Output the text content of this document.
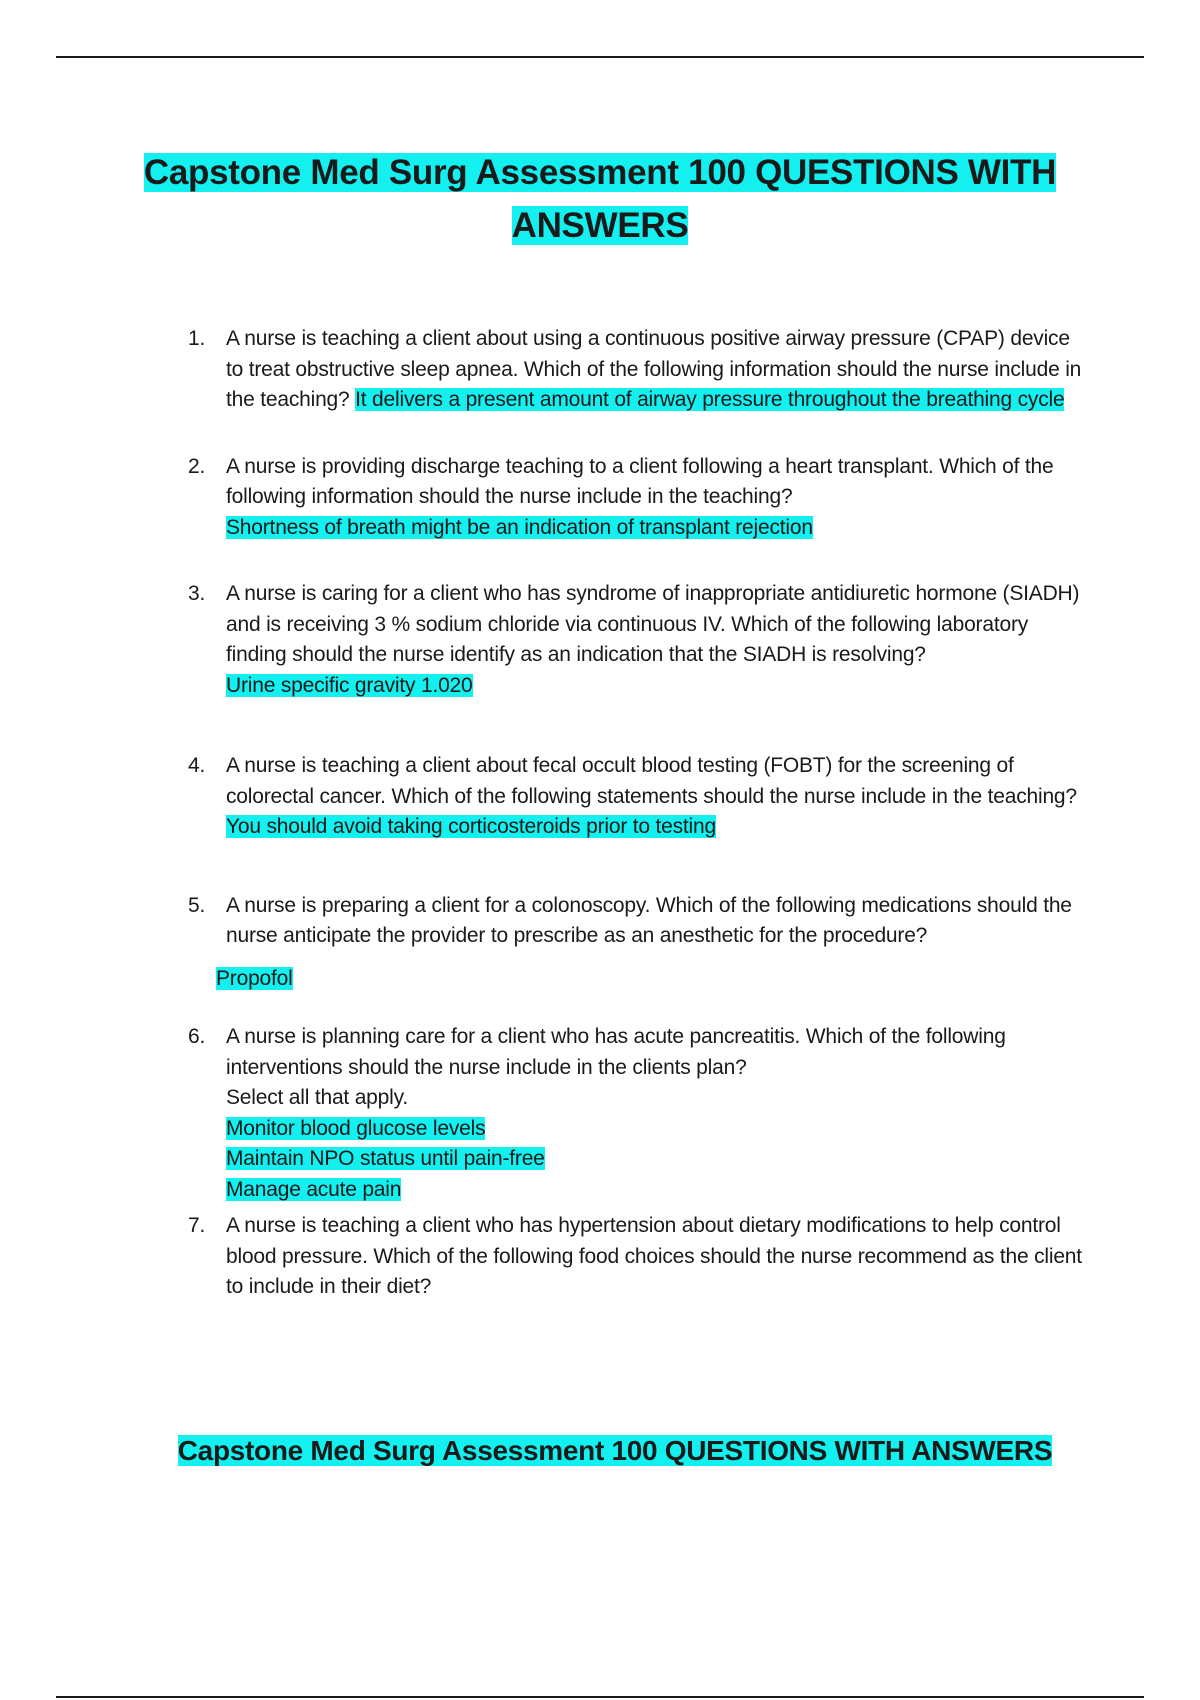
Capstone Med Surg Assessment 100 QUESTIONS WITH
ANSWERS
1. A nurse is teaching a client about using a continuous positive airway pressure (CPAP) device to treat obstructive sleep apnea. Which of the following information should the nurse include in the teaching? It delivers a present amount of airway pressure throughout the breathing cycle
2. A nurse is providing discharge teaching to a client following a heart transplant. Which of the following information should the nurse include in the teaching?
Shortness of breath might be an indication of transplant rejection
3. A nurse is caring for a client who has syndrome of inappropriate antidiuretic hormone (SIADH) and is receiving 3 % sodium chloride via continuous IV. Which of the following laboratory finding should the nurse identify as an indication that the SIADH is resolving?
Urine specific gravity 1.020
4. A nurse is teaching a client about fecal occult blood testing (FOBT) for the screening of colorectal cancer. Which of the following statements should the nurse include in the teaching?
You should avoid taking corticosteroids prior to testing
5. A nurse is preparing a client for a colonoscopy. Which of the following medications should the nurse anticipate the provider to prescribe as an anesthetic for the procedure?
Propofol
6. A nurse is planning care for a client who has acute pancreatitis. Which of the following interventions should the nurse include in the clients plan?
Select all that apply.
Monitor blood glucose levels
Maintain NPO status until pain-free
Manage acute pain
7. A nurse is teaching a client who has hypertension about dietary modifications to help control blood pressure. Which of the following food choices should the nurse recommend as the client to include in their diet?
Capstone Med Surg Assessment 100 QUESTIONS WITH ANSWERS
